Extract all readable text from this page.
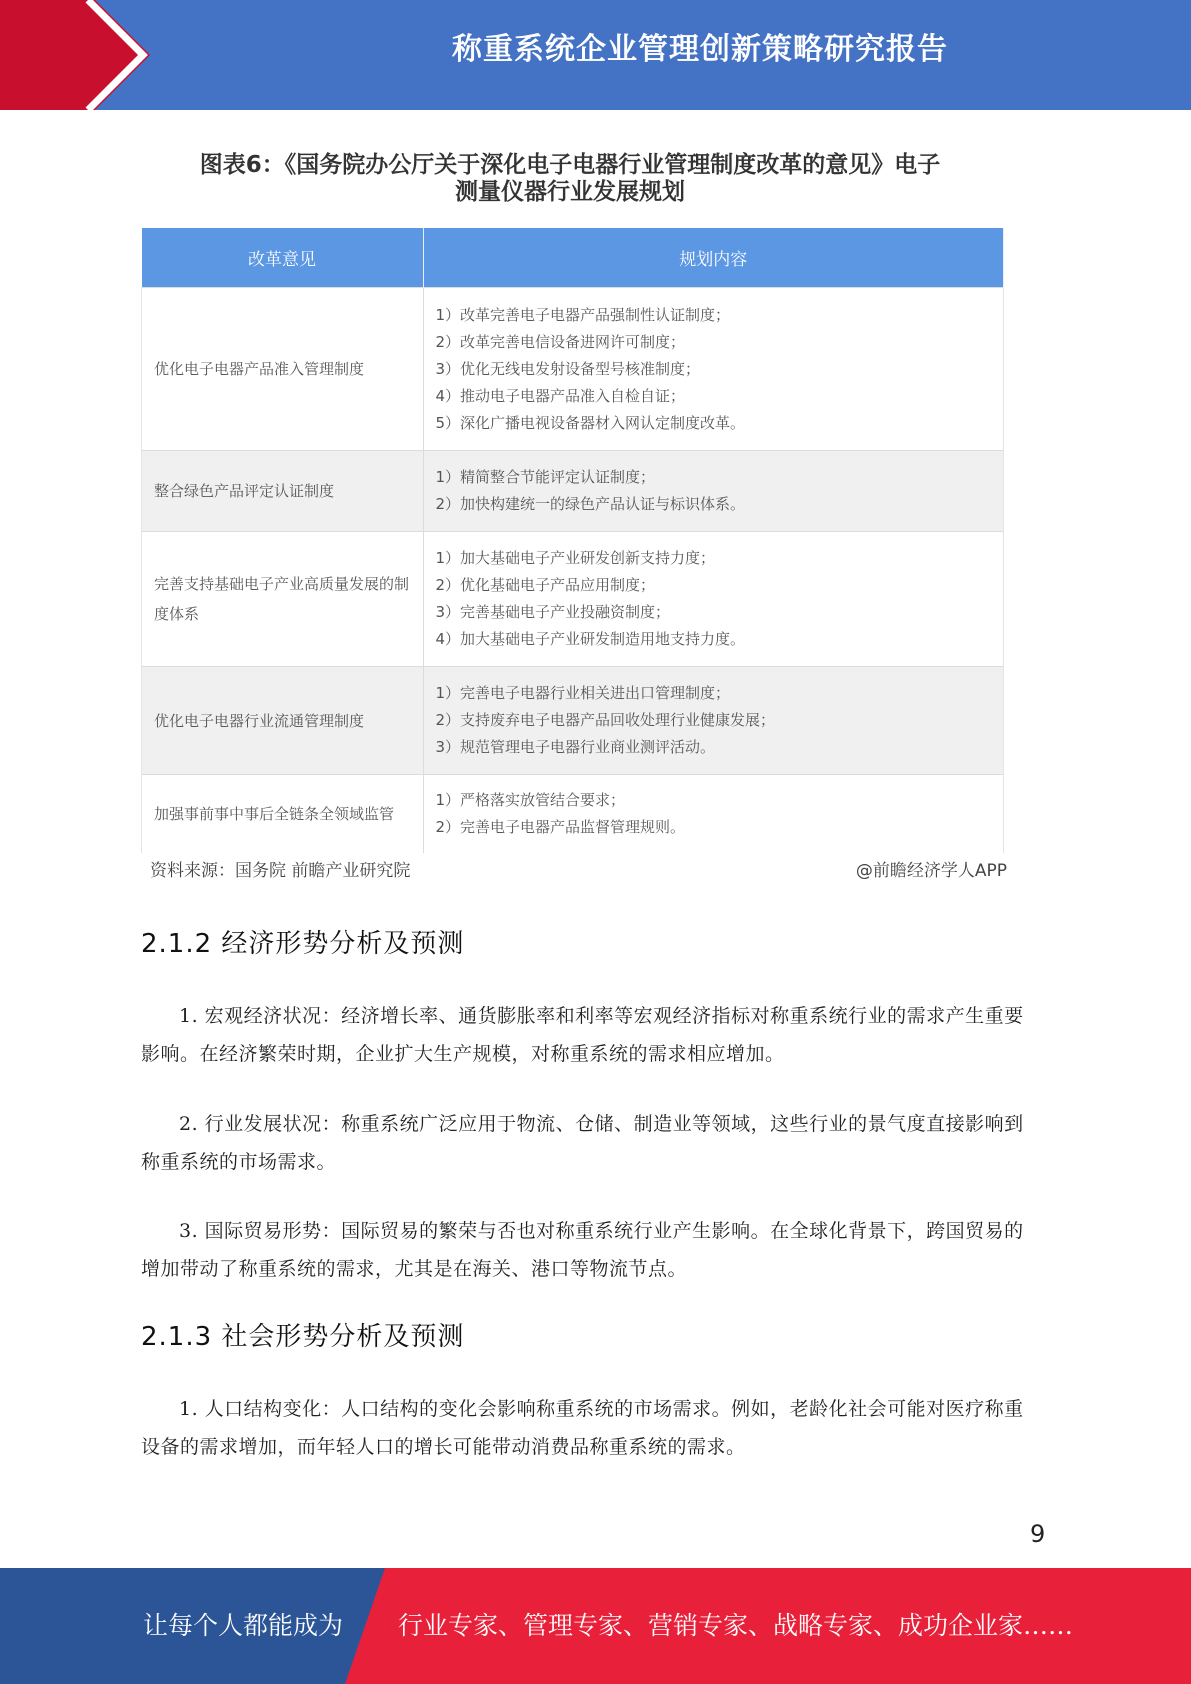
称重系统企业管理创新策略研究报告
图表6：《国务院办公厅关于深化电子电器行业管理制度改革的意见》电子
测量仪器行业发展规划
改革意见	规划内容
优化电子电器产品准入管理制度	1）改革完善电子电器产品强制性认证制度；
2）改革完善电信设备进网许可制度；
3）优化无线电发射设备型号核准制度；
4）推动电子电器产品准入自检自证；
5）深化广播电视设备器材入网认定制度改革。

整合绿色产品评定认证制度	1）精简整合节能评定认证制度；
2）加快构建统一的绿色产品认证与标识体系。

完善支持基础电子产业高质量发展的制度体系	1）加大基础电子产业研发创新支持力度；
2）优化基础电子产品应用制度；
3）完善基础电子产业投融资制度；
4）加大基础电子产业研发制造用地支持力度。

优化电子电器行业流通管理制度	1）完善电子电器行业相关进出口管理制度；
2）支持废弃电子电器产品回收处理行业健康发展；
3）规范管理电子电器行业商业测评活动。

加强事前事中事后全链条全领域监管	1）严格落实放管结合要求；
2）完善电子电器产品监督管理规则。
资料来源：国务院 前瞻产业研究院	@前瞻经济学人APP
2.1.2 经济形势分析及预测
1. 宏观经济状况：经济增长率、通货膨胀率和利率等宏观经济指标对称重系统行业的需求产生重要影响。在经济繁荣时期，企业扩大生产规模，对称重系统的需求相应增加。
2. 行业发展状况：称重系统广泛应用于物流、仓储、制造业等领域，这些行业的景气度直接影响到称重系统的市场需求。
3. 国际贸易形势：国际贸易的繁荣与否也对称重系统行业产生影响。在全球化背景下，跨国贸易的增加带动了称重系统的需求，尤其是在海关、港口等物流节点。
2.1.3 社会形势分析及预测
1. 人口结构变化：人口结构的变化会影响称重系统的市场需求。例如，老龄化社会可能对医疗称重设备的需求增加，而年轻人口的增长可能带动消费品称重系统的需求。
9
让每个人都能成为 行业专家、管理专家、营销专家、战略专家、成功企业家……
